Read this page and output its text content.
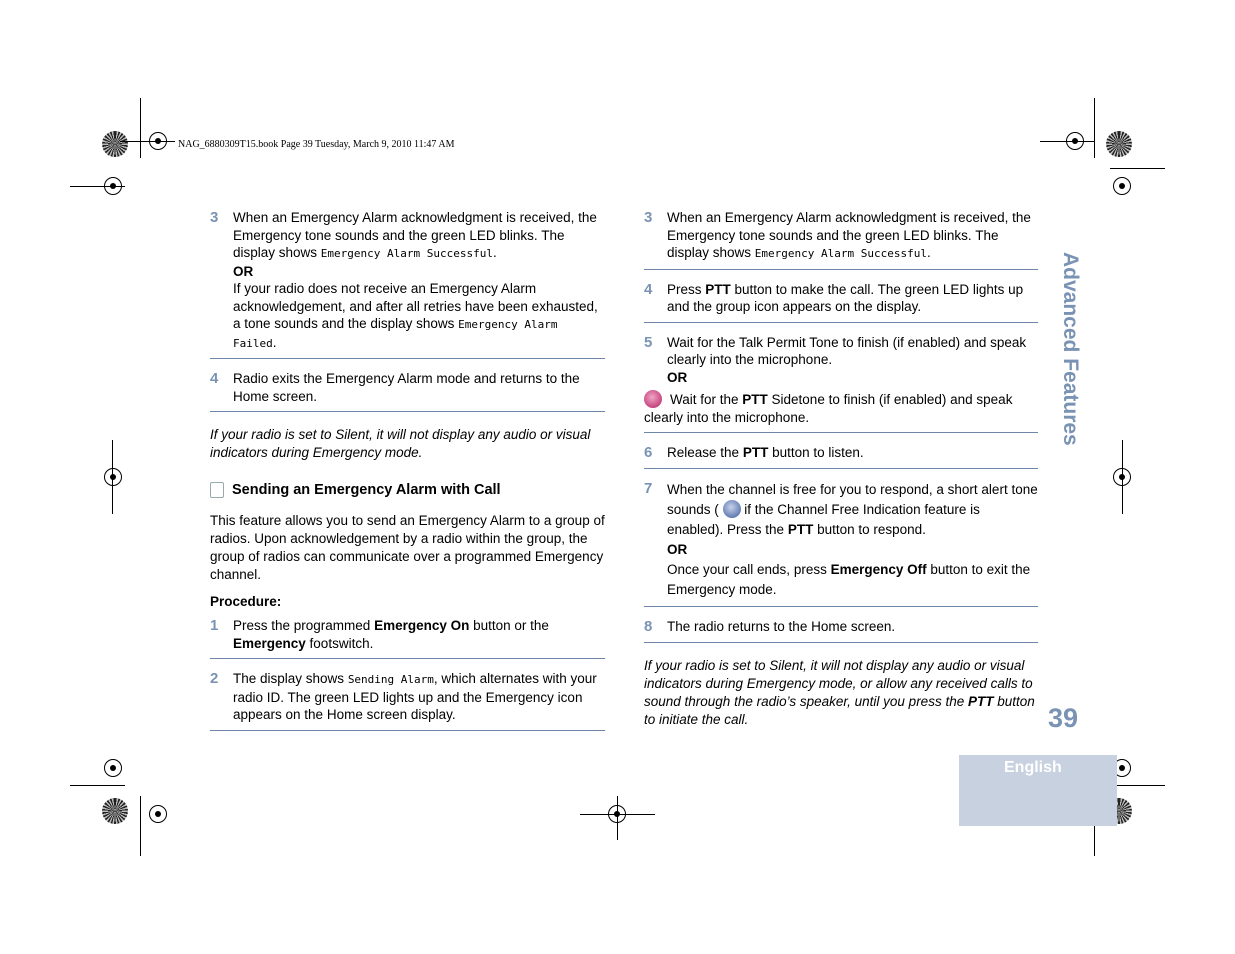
NAG_6880309T15.book Page 39 Tuesday, March 9, 2010 11:47 AM
3	When an Emergency Alarm acknowledgment is received, the Emergency tone sounds and the green LED blinks. The display shows Emergency Alarm Successful.
OR
If your radio does not receive an Emergency Alarm acknowledgement, and after all retries have been exhausted, a tone sounds and the display shows Emergency Alarm Failed.
4	Radio exits the Emergency Alarm mode and returns to the Home screen.
If your radio is set to Silent, it will not display any audio or visual indicators during Emergency mode.
Sending an Emergency Alarm with Call
This feature allows you to send an Emergency Alarm to a group of radios. Upon acknowledgement by a radio within the group, the group of radios can communicate over a programmed Emergency channel.
Procedure:
1	Press the programmed Emergency On button or the Emergency footswitch.
2	The display shows Sending Alarm, which alternates with your radio ID. The green LED lights up and the Emergency icon appears on the Home screen display.
3	When an Emergency Alarm acknowledgment is received, the Emergency tone sounds and the green LED blinks. The display shows Emergency Alarm Successful.
4	Press PTT button to make the call. The green LED lights up and the group icon appears on the display.
5	Wait for the Talk Permit Tone to finish (if enabled) and speak clearly into the microphone.
OR
Wait for the PTT Sidetone to finish (if enabled) and speak clearly into the microphone.
6	Release the PTT button to listen.
7	When the channel is free for you to respond, a short alert tone sounds (  if the Channel Free Indication feature is enabled). Press the PTT button to respond.
OR
Once your call ends, press Emergency Off button to exit the Emergency mode.
8	The radio returns to the Home screen.
If your radio is set to Silent, it will not display any audio or visual indicators during Emergency mode, or allow any received calls to sound through the radio’s speaker, until you press the PTT button to initiate the call.
Advanced Features
39
English
